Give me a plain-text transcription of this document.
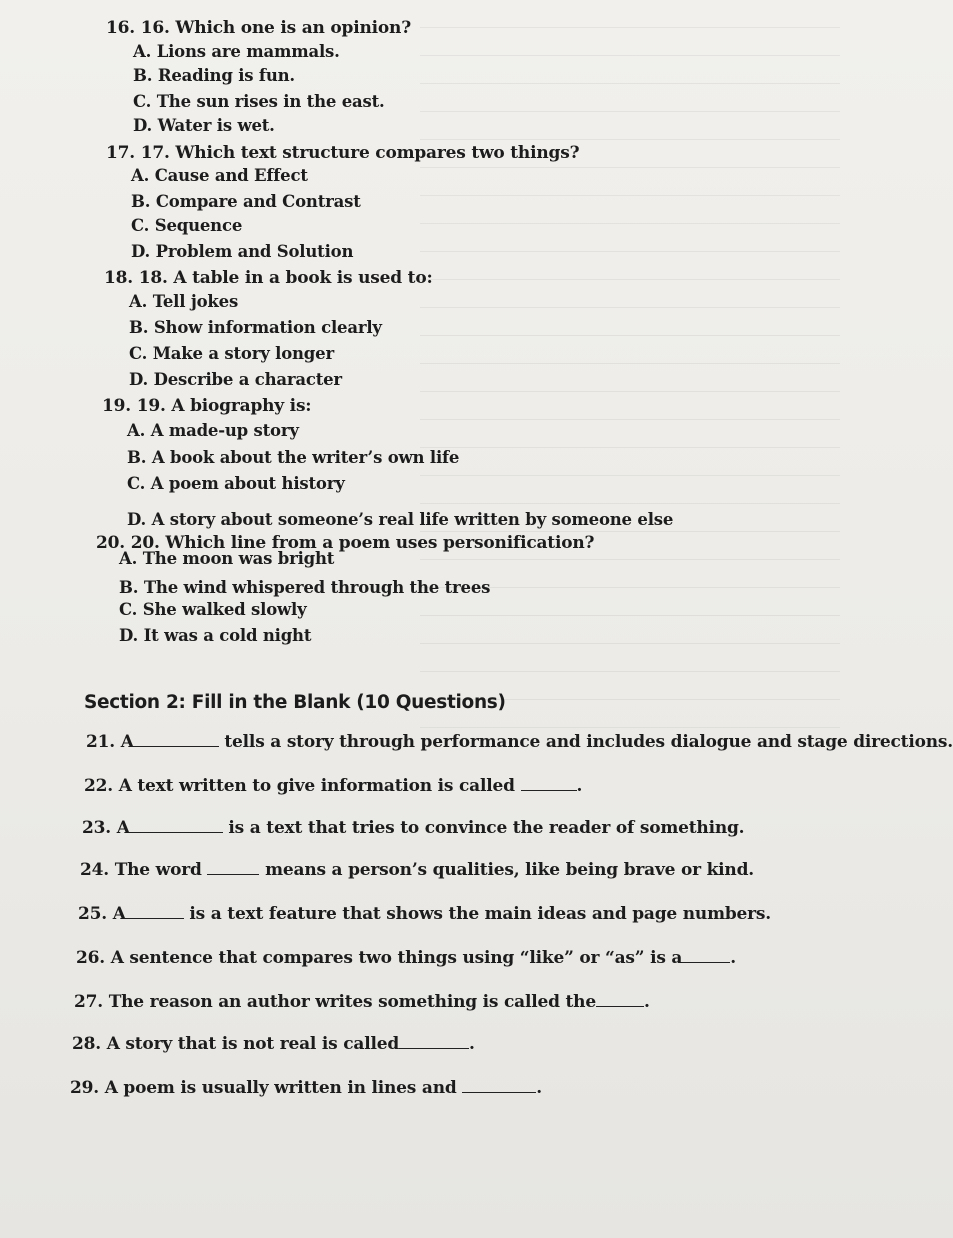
16. 16. Which one is an opinion?
A. Lions are mammals.
B. Reading is fun.
C. The sun rises in the east.
D. Water is wet.
17. 17. Which text structure compares two things?
A. Cause and Effect
B. Compare and Contrast
C. Sequence
D. Problem and Solution
18. 18. A table in a book is used to:
A. Tell jokes
B. Show information clearly
C. Make a story longer
D. Describe a character
19. 19. A biography is:
A. A made-up story
B. A book about the writer’s own life
C. A poem about history
D. A story about someone’s real life written by someone else
20. 20. Which line from a poem uses personification?
A. The moon was bright
B. The wind whispered through the trees
C. She walked slowly
D. It was a cold night
Section 2: Fill in the Blank (10 Questions)
21. A	tells a story through performance and includes dialogue and stage directions.
22. A text written to give information is called	.
23. A	is a text that tries to convince the reader of something.
24. The word	means a person’s qualities, like being brave or kind.
25. A	is a text feature that shows the main ideas and page numbers.
26. A sentence that compares two things using “like” or “as” is a	.
27. The reason an author writes something is called the	.
28. A story that is not real is called	.
29. A poem is usually written in lines and	.
